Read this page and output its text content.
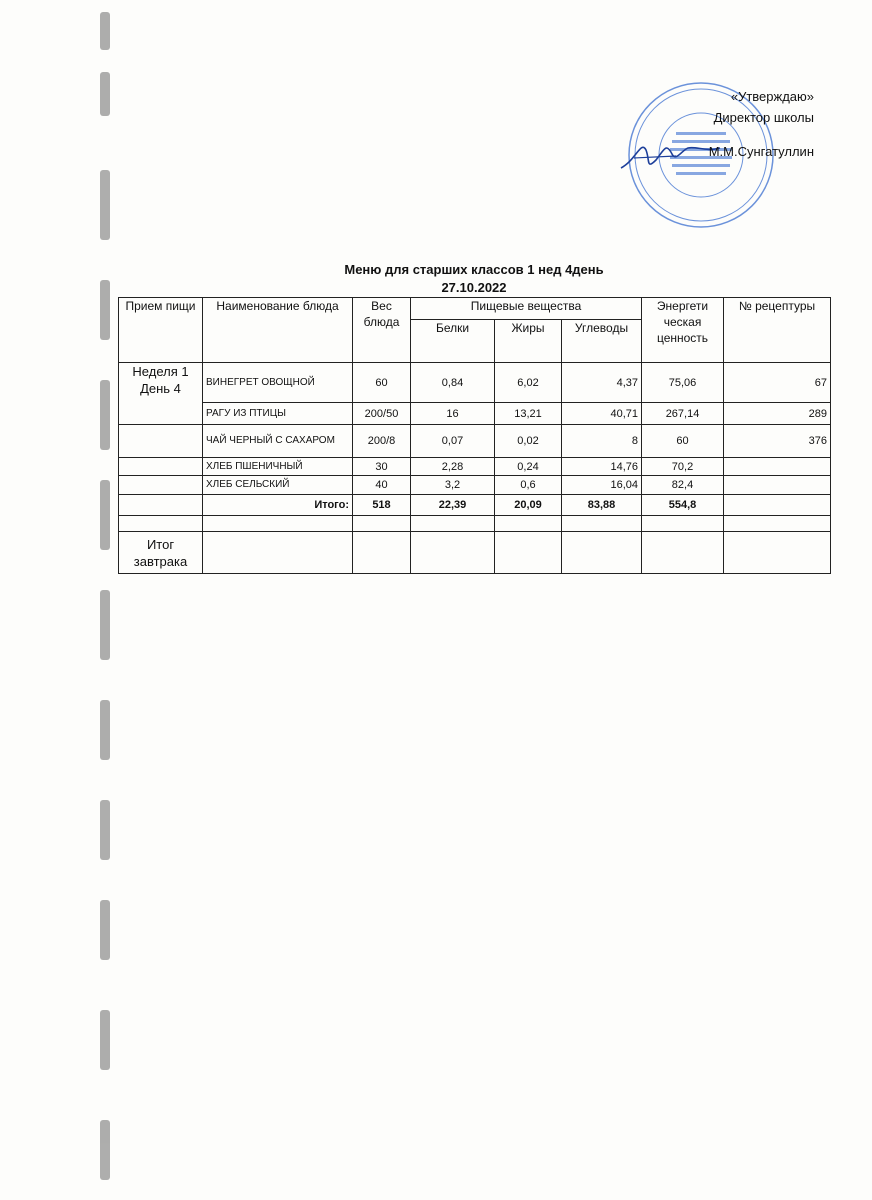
«Утверждаю»
Директор школы
М.М.Сунгатуллин
Меню для старших классов 1 нед 4день
27.10.2022
Прием пищи	Наименование блюда	Вес блюда	Пищевые вещества			Энергети ческая ценность	№ рецептуры
			Белки	Жиры	Углеводы		
Неделя 1 День 4	ВИНЕГРЕТ ОВОЩНОЙ	60	0,84	6,02	4,37	75,06	67
	РАГУ ИЗ ПТИЦЫ	200/50	16	13,21	40,71	267,14	289
	ЧАЙ ЧЕРНЫЙ С САХАРОМ	200/8	0,07	0,02	8	60	376
	ХЛЕБ ПШЕНИЧНЫЙ	30	2,28	0,24	14,76	70,2	
	ХЛЕБ СЕЛЬСКИЙ	40	3,2	0,6	16,04	82,4	
	Итого:	518	22,39	20,09	83,88	554,8	

Итог завтрака							
